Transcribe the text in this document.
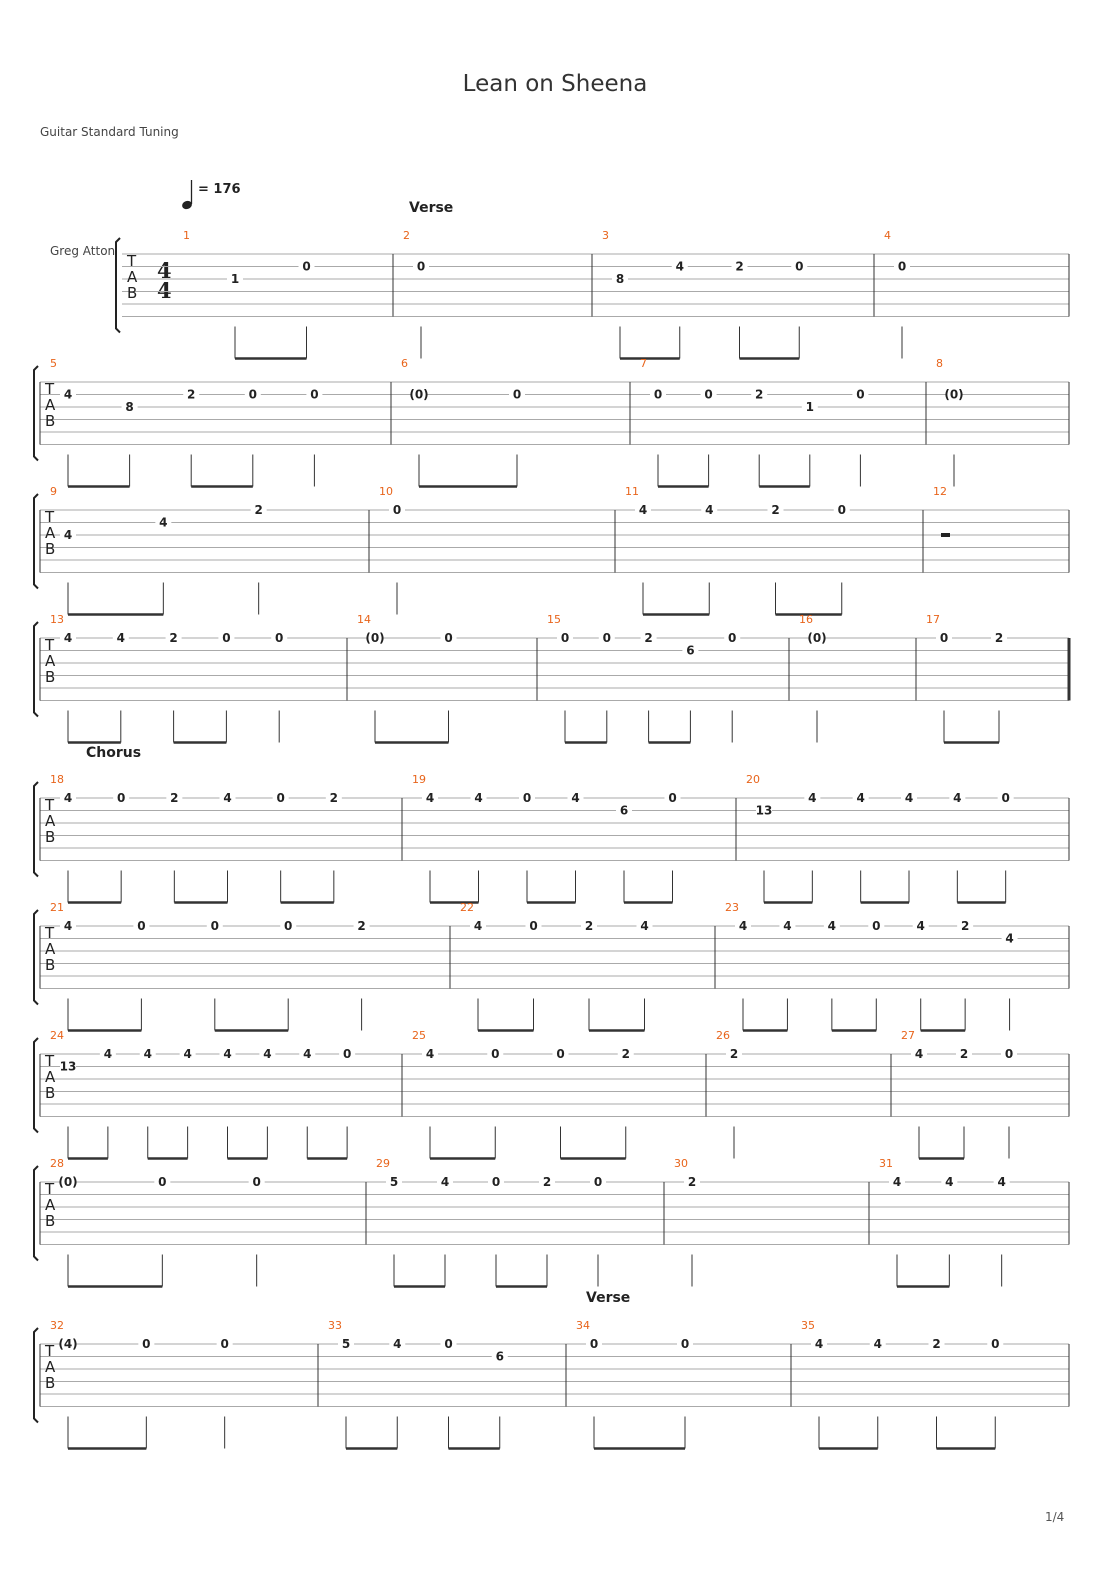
Lean on Sheena
Guitar Standard Tuning
1/4
= 176
Verse
Chorus
Verse
Greg Atton
4
4
T
A
B
1
1
0
2
0
3
8
4	2	0
4
0
T
A
B
5
4
8
2	0	0
6
(0)	0
7
0	0	2
1
0
8
(0)
T
A
B
9
4
4
2
10
0
11
4	4	2	0
12
T
A
B
13
4	4	2	0	0
14
(0)	0
15
0	0	2
6
0
16
(0)
17
0	2
T
A
B
18
4	0	2	4	0	2
19
4	4	0	4
6
0
20
13
4	4	4	4	0
T
A
B
21
4	0	0	0	2
22
4	0	2	4
23
4	4	4	0	4	2
4
T
A
B
24
13
4	4	4	4	4	4	0
25
4	0	0	2
26
2
27
4	2	0
T
A
B
28
(0)	0	0
29
5	4	0	2	0
30
2
31
4	4	4
T
A
B
32
(4)	0	0
33
5	4	0
6
34
0	0
35
4	4	2	0
